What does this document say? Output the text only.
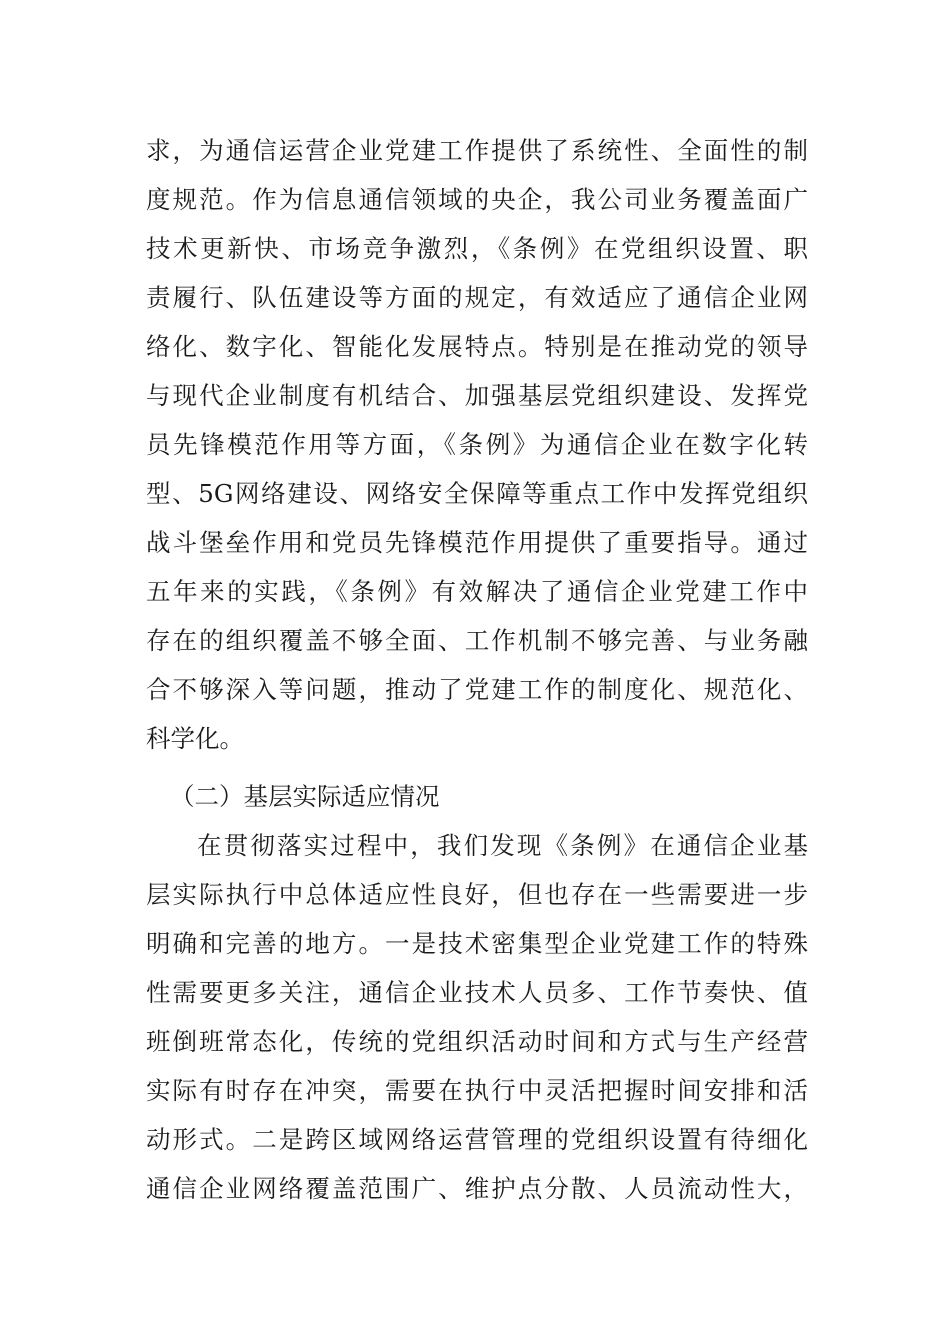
求，为通信运营企业党建工作提供了系统性、全面性的制

度规范。作为信息通信领域的央企，我公司业务覆盖面广

技术更新快、市场竞争激烈，《条例》在党组织设置、职

责履行、队伍建设等方面的规定，有效适应了通信企业网

络化、数字化、智能化发展特点。特别是在推动党的领导

与现代企业制度有机结合、加强基层党组织建设、发挥党

员先锋模范作用等方面，《条例》为通信企业在数字化转

型、5G网络建设、网络安全保障等重点工作中发挥党组织

战斗堡垒作用和党员先锋模范作用提供了重要指导。通过

五年来的实践，《条例》有效解决了通信企业党建工作中

存在的组织覆盖不够全面、工作机制不够完善、与业务融

合不够深入等问题，推动了党建工作的制度化、规范化、

科学化。

（二）基层实际适应情况

在贯彻落实过程中，我们发现《条例》在通信企业基

层实际执行中总体适应性良好，但也存在一些需要进一步

明确和完善的地方。一是技术密集型企业党建工作的特殊

性需要更多关注，通信企业技术人员多、工作节奏快、值

班倒班常态化，传统的党组织活动时间和方式与生产经营

实际有时存在冲突，需要在执行中灵活把握时间安排和活

动形式。二是跨区域网络运营管理的党组织设置有待细化

通信企业网络覆盖范围广、维护点分散、人员流动性大，
